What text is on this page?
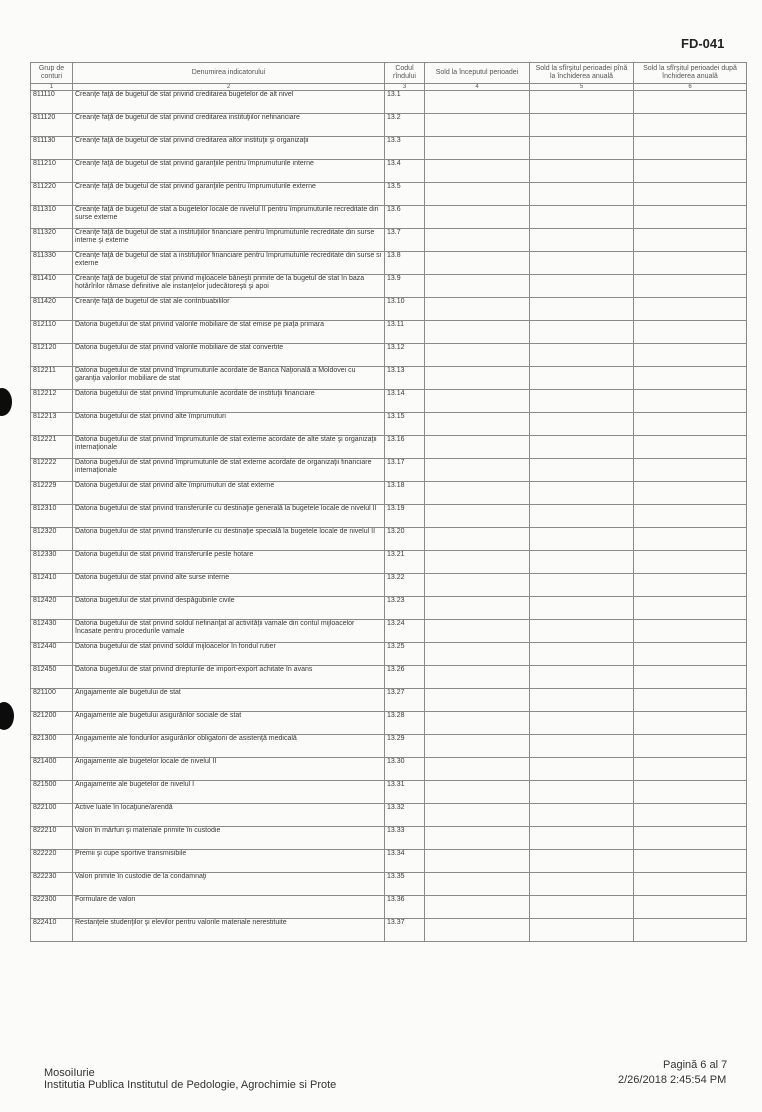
FD-041
Grup de conturi	Denumirea indicatorului	Codul rîndului	Sold la începutul perioadei	Sold la sfîrşitul perioadei pînă la închiderea anuală	Sold la sfîrşitul perioadei după închiderea anuală
1	2	3	4	5	6
811110	Creanţe faţă de bugetul de stat privind creditarea bugetelor de alt nivel	13.1			
811120	Creanţe faţă de bugetul de stat privind creditarea instituţiilor nefinanciare	13.2			
811130	Creanţe faţă de bugetul de stat privind creditarea altor instituţii şi organizaţii	13.3			
811210	Creanţe faţă de bugetul de stat privind garanţiile pentru împrumuturile interne	13.4			
811220	Creanţe faţă de bugetul de stat privind garanţiile pentru împrumuturile externe	13.5			
811310	Creanţe faţă de bugetul de stat a bugetelor locale de nivelul II pentru împrumuturile recreditate din surse externe	13.6			
811320	Creanţe faţă de bugetul de stat a instituţiilor financiare pentru împrumuturile recreditate din surse interne şi externe	13.7			
811330	Creanţe faţă de bugetul de stat a instituţiilor financiare pentru împrumuturile recreditate din surse si externe	13.8			
811410	Creanţe faţă de bugetul de stat privind mijloacele băneşti primite de la bugetul de stat în baza hotărîrilor rămase definitive ale instanţelor judecătoreşti şi apoi	13.9			
811420	Creanţe faţă de bugetul de stat ale contribuabililor	13.10			
812110	Datoria bugetului de stat privind valorile mobiliare de stat emise pe piaţa primara	13.11			
812120	Datoria bugetului de stat privind valorile mobiliare de stat convertite	13.12			
812211	Datoria bugetului de stat privind împrumuturile acordate de Banca Naţională a Moldovei cu garanţia valorilor mobiliare de stat	13.13			
812212	Datoria bugetului de stat privind împrumuturile acordate de instituţii financiare	13.14			
812213	Datoria bugetului de stat privind alte împrumuturi	13.15			
812221	Datoria bugetului de stat privind împrumuturile de stat externe acordate de alte state şi organizaţii internaţionale	13.16			
812222	Datoria bugetului de stat privind împrumuturile de stat externe acordate de organizaţii financiare internaţionale	13.17			
812229	Datoria bugetului de stat privind alte împrumuturi de stat externe	13.18			
812310	Datoria bugetului de stat privind transferurile cu destinaţie generală la bugetele locale de nivelul II	13.19			
812320	Datoria bugetului de stat privind transferurile cu destinaţie specială la bugetele locale de nivelul II	13.20			
812330	Datoria bugetului de stat privind transferurile peste hotare	13.21			
812410	Datoria bugetului de stat privind alte surse interne	13.22			
812420	Datoria bugetului de stat privind despăgubirile civile	13.23			
812430	Datoria bugetului de stat privind soldul nefinanţat al activităţii vamale din contul mijloacelor încasate pentru procedurile vamale	13.24			
812440	Datoria bugetului de stat privind soldul mijloacelor în fondul rutier	13.25			
812450	Datoria bugetului de stat privind drepturile de import-export achitate în avans	13.26			
821100	Angajamente ale bugetului de stat	13.27			
821200	Angajamente ale bugetului asigurărilor sociale de stat	13.28			
821300	Angajamente ale fondurilor asigurărilor obligatorii de asistenţă medicală	13.29			
821400	Angajamente ale bugetelor locale de nivelul II	13.30			
821500	Angajamente ale bugetelor de nivelul I	13.31			
822100	Active luate în locaţiune/arendă	13.32			
822210	Valori în mărfuri şi materiale primite în custodie	13.33			
822220	Premii şi cupe sportive transmisibile	13.34			
822230	Valori primite în custodie de la condamnaţi	13.35			
822300	Formulare de valori	13.36			
822410	Restanţele studenţilor şi elevilor pentru valorile materiale nerestituite	13.37			
MosoiIurie
Institutia Publica Institutul de Pedologie, Agrochimie si Prote
Pagină 6 al 7
2/26/2018 2:45:54 PM
